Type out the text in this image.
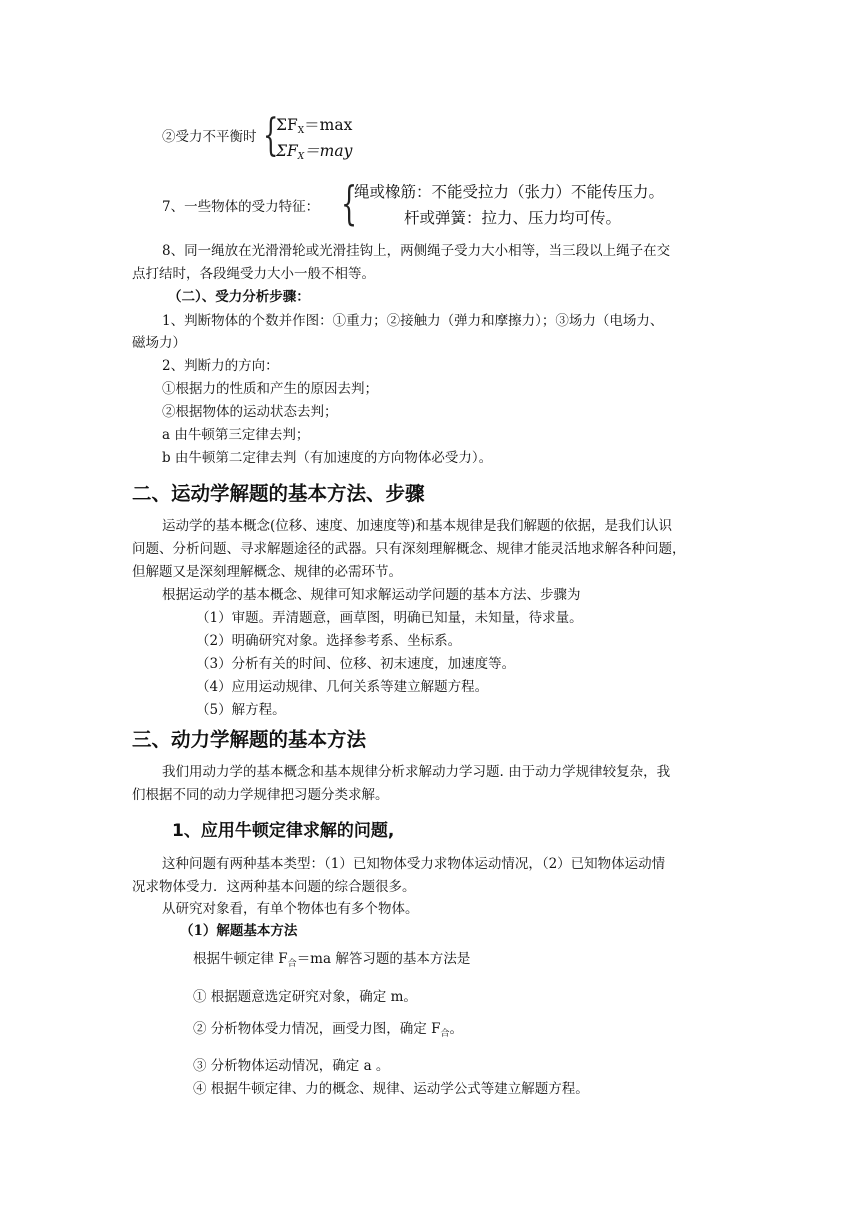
②受力不平衡时 {
$\Sigma F_X=\max$
$\Sigma F_X=may$
7、一些物体的受力特征： {
绳或橡筋：不能受拉力（张力）不能传压力。
杆或弹簧：拉力、压力均可传。
8、同一绳放在光滑滑轮或光滑挂钩上，两侧绳子受力大小相等，当三段以上绳子在交
点打结时，各段绳受力大小一般不相等。
（二）、受力分析步骤：
1、判断物体的个数并作图：①重力；②接触力（弹力和摩擦力）；③场力（电场力、
磁场力）
2、判断力的方向：
①根据力的性质和产生的原因去判；
②根据物体的运动状态去判；
a 由牛顿第三定律去判；
b 由牛顿第二定律去判（有加速度的方向物体必受力）。
二、运动学解题的基本方法、步骤
运动学的基本概念(位移、速度、加速度等)和基本规律是我们解题的依据，是我们认识
问题、分析问题、寻求解题途径的武器。只有深刻理解概念、规律才能灵活地求解各种问题，
但解题又是深刻理解概念、规律的必需环节。
根据运动学的基本概念、规律可知求解运动学问题的基本方法、步骤为
（1）审题。弄清题意，画草图，明确已知量，未知量，待求量。
（2）明确研究对象。选择参考系、坐标系。
（3）分析有关的时间、位移、初末速度，加速度等。
（4）应用运动规律、几何关系等建立解题方程。
（5）解方程。
三、动力学解题的基本方法
我们用动力学的基本概念和基本规律分析求解动力学习题. 由于动力学规律较复杂，我
们根据不同的动力学规律把习题分类求解。
1、应用牛顿定律求解的问题,
这种问题有两种基本类型：（1）已知物体受力求物体运动情况，（2）已知物体运动情
况求物体受力．这两种基本问题的综合题很多。
从研究对象看，有单个物体也有多个物体。
（1）解题基本方法
根据牛顿定律 $F_合=ma$ 解答习题的基本方法是
① 根据题意选定研究对象，确定 m。
② 分析物体受力情况，画受力图，确定 $F_合$。
③ 分析物体运动情况，确定 a 。
④ 根据牛顿定律、力的概念、规律、运动学公式等建立解题方程。
